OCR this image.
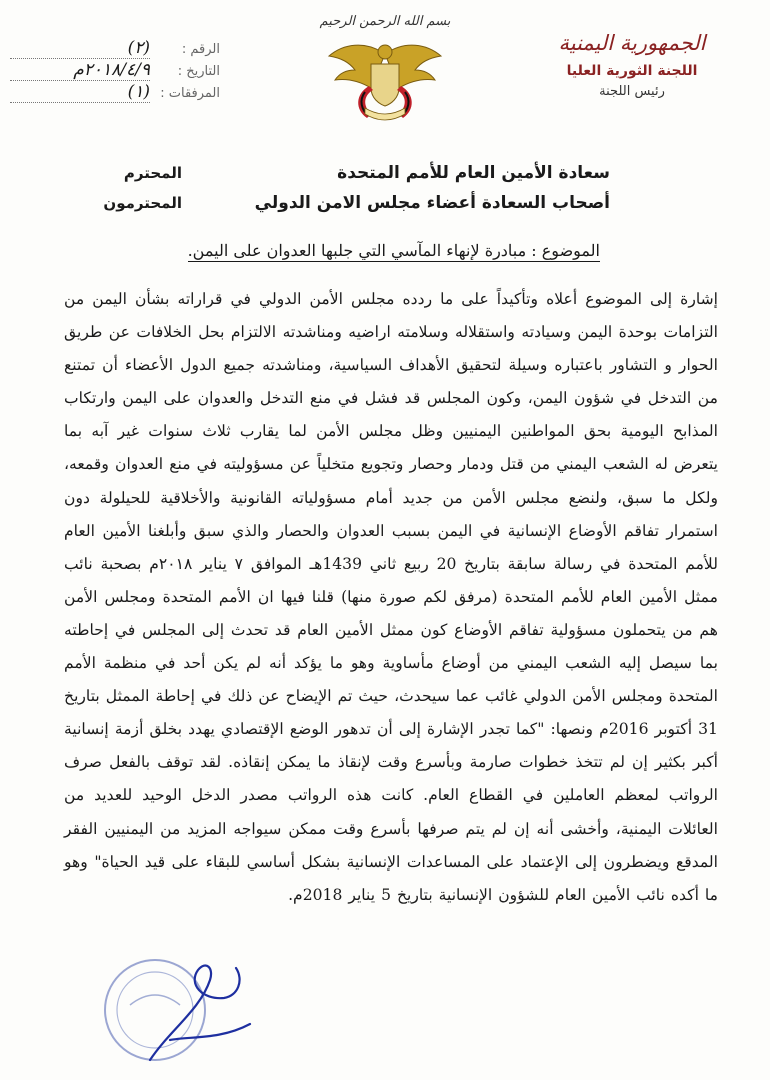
الجمهورية اليمنية
اللجنة الثورية العليا
رئيس اللجنة
بسم الله الرحمن الرحيم
الرقم :
(٢)
التاريخ :
٢٠١٨/٤/٩م
المرفقات :
(١)
سعادة الأمين العام للأمم المتحدة
أصحاب السعادة أعضاء مجلس الامن الدولي
المحترم
المحترمون
الموضوع : مبادرة لإنهاء المآسي التي جلبها العدوان على اليمن.
إشارة إلى الموضوع أعلاه وتأكيداً على ما ردده مجلس الأمن الدولي في قراراته بشأن اليمن من التزامات بوحدة اليمن وسيادته واستقلاله وسلامته اراضيه ومناشدته الالتزام بحل الخلافات عن طريق الحوار و التشاور باعتباره وسيلة لتحقيق الأهداف السياسية، ومناشدته جميع الدول الأعضاء أن تمتنع من التدخل في شؤون اليمن، وكون المجلس قد فشل في منع التدخل والعدوان على اليمن وارتكاب المذابح اليومية بحق المواطنين اليمنيين وظل مجلس الأمن لما يقارب ثلاث سنوات غير آبه بما يتعرض له الشعب اليمني من قتل ودمار وحصار وتجويع متخلياً عن مسؤوليته في منع العدوان وقمعه، ولكل ما سبق، ولنضع مجلس الأمن من جديد أمام مسؤولياته القانونية والأخلاقية للحيلولة دون استمرار تفاقم الأوضاع الإنسانية في اليمن بسبب العدوان والحصار والذي سبق وأبلغنا الأمين العام للأمم المتحدة في رسالة سابقة بتاريخ 20 ربيع ثاني 1439هـ الموافق ٧ يناير ٢٠١٨م بصحبة نائب ممثل الأمين العام للأمم المتحدة (مرفق لكم صورة منها) قلنا فيها ان الأمم المتحدة ومجلس الأمن هم من يتحملون مسؤولية تفاقم الأوضاع كون ممثل الأمين العام قد تحدث إلى المجلس في إحاطته بما سيصل إليه الشعب اليمني من أوضاع مأساوية وهو ما يؤكد أنه لم يكن أحد في منظمة الأمم المتحدة ومجلس الأمن الدولي غائب عما سيحدث، حيث تم الإيضاح عن ذلك في إحاطة الممثل بتاريخ 31 أكتوبر 2016م ونصها: "كما تجدر الإشارة إلى أن تدهور الوضع الإقتصادي يهدد بخلق أزمة إنسانية أكبر بكثير إن لم تتخذ خطوات صارمة وبأسرع وقت لإنقاذ ما يمكن إنقاذه. لقد توقف بالفعل صرف الرواتب لمعظم العاملين في القطاع العام. كانت هذه الرواتب مصدر الدخل الوحيد للعديد من العائلات اليمنية، وأخشى أنه إن لم يتم صرفها بأسرع وقت ممكن سيواجه المزيد من اليمنيين الفقر المدقع ويضطرون إلى الإعتماد على المساعدات الإنسانية بشكل أساسي للبقاء على قيد الحياة" وهو ما أكده نائب الأمين العام للشؤون الإنسانية بتاريخ 5 يناير 2018م.
